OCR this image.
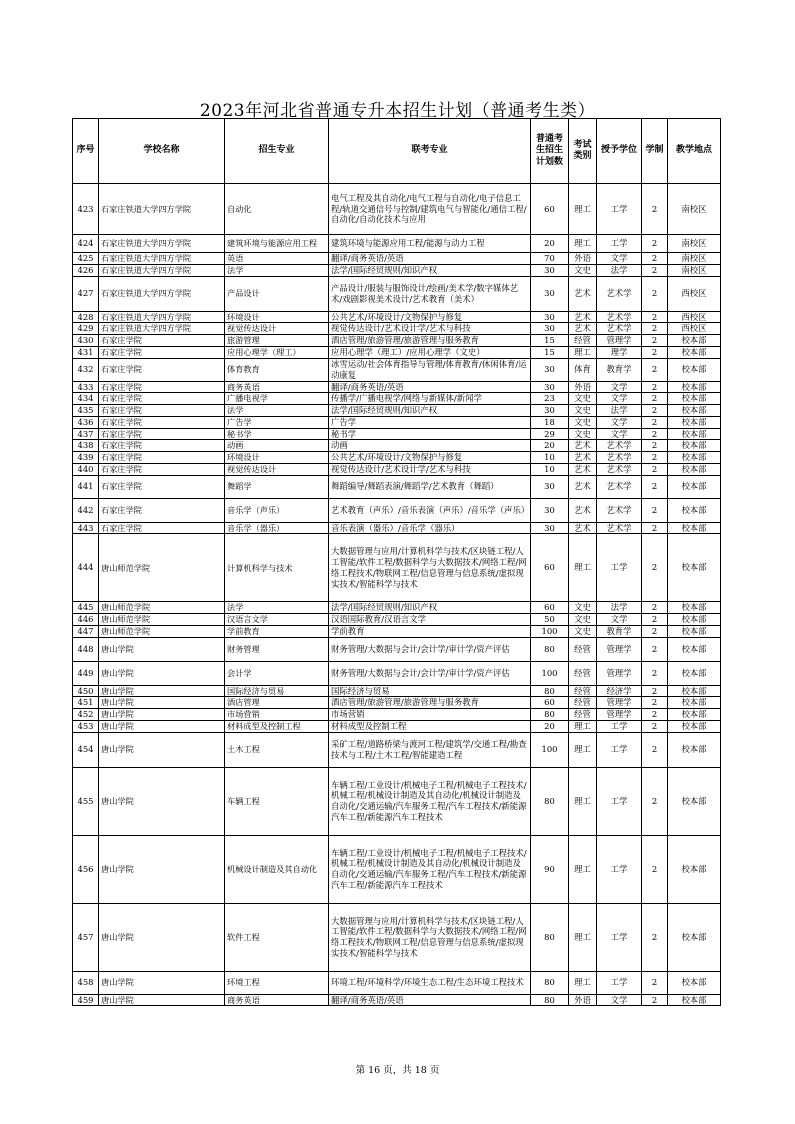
2023年河北省普通专升本招生计划（普通考生类）
序号	学校名称	招生专业	联考专业	普通考生招生计划数	考试类别	授予学位	学制	教学地点
423	石家庄铁道大学四方学院	自动化	电气工程及其自动化/电气工程与自动化/电子信息工程/轨道交通信号与控制/建筑电气与智能化/通信工程/自动化/自动化技术与应用	60	理工	工学	2	南校区
424	石家庄铁道大学四方学院	建筑环境与能源应用工程	建筑环境与能源应用工程/能源与动力工程	20	理工	工学	2	南校区
425	石家庄铁道大学四方学院	英语	翻译/商务英语/英语	70	外语	文学	2	南校区
426	石家庄铁道大学四方学院	法学	法学/国际经贸规则/知识产权	30	文史	法学	2	南校区
427	石家庄铁道大学四方学院	产品设计	产品设计/服装与服饰设计/绘画/美术学/数字媒体艺术/戏剧影视美术设计/艺术教育（美术）	30	艺术	艺术学	2	西校区
428	石家庄铁道大学四方学院	环境设计	公共艺术/环境设计/文物保护与修复	30	艺术	艺术学	2	西校区
429	石家庄铁道大学四方学院	视觉传达设计	视觉传达设计/艺术设计学/艺术与科技	30	艺术	艺术学	2	西校区
430	石家庄学院	旅游管理	酒店管理/旅游管理/旅游管理与服务教育	15	经管	管理学	2	校本部
431	石家庄学院	应用心理学（理工）	应用心理学（理工）/应用心理学（文史）	15	理工	理学	2	校本部
432	石家庄学院	体育教育	冰雪运动/社会体育指导与管理/体育教育/休闲体育/运动康复	30	体育	教育学	2	校本部
433	石家庄学院	商务英语	翻译/商务英语/英语	30	外语	文学	2	校本部
434	石家庄学院	广播电视学	传播学/广播电视学/网络与新媒体/新闻学	23	文史	文学	2	校本部
435	石家庄学院	法学	法学/国际经贸规则/知识产权	30	文史	法学	2	校本部
436	石家庄学院	广告学	广告学	18	文史	文学	2	校本部
437	石家庄学院	秘书学	秘书学	29	文史	文学	2	校本部
438	石家庄学院	动画	动画	20	艺术	艺术学	2	校本部
439	石家庄学院	环境设计	公共艺术/环境设计/文物保护与修复	10	艺术	艺术学	2	校本部
440	石家庄学院	视觉传达设计	视觉传达设计/艺术设计学/艺术与科技	10	艺术	艺术学	2	校本部
441	石家庄学院	舞蹈学	舞蹈编导/舞蹈表演/舞蹈学/艺术教育（舞蹈）	30	艺术	艺术学	2	校本部
442	石家庄学院	音乐学（声乐）	艺术教育（声乐）/音乐表演（声乐）/音乐学（声乐）	30	艺术	艺术学	2	校本部
443	石家庄学院	音乐学（器乐）	音乐表演（器乐）/音乐学（器乐）	30	艺术	艺术学	2	校本部
444	唐山师范学院	计算机科学与技术	大数据管理与应用/计算机科学与技术/区块链工程/人工智能/软件工程/数据科学与大数据技术/网络工程/网络工程技术/物联网工程/信息管理与信息系统/虚拟现实技术/智能科学与技术	60	理工	工学	2	校本部
445	唐山师范学院	法学	法学/国际经贸规则/知识产权	60	文史	法学	2	校本部
446	唐山师范学院	汉语言文学	汉语国际教育/汉语言文学	50	文史	文学	2	校本部
447	唐山师范学院	学前教育	学前教育	100	文史	教育学	2	校本部
448	唐山学院	财务管理	财务管理/大数据与会计/会计学/审计学/资产评估	80	经管	管理学	2	校本部
449	唐山学院	会计学	财务管理/大数据与会计/会计学/审计学/资产评估	100	经管	管理学	2	校本部
450	唐山学院	国际经济与贸易	国际经济与贸易	80	经管	经济学	2	校本部
451	唐山学院	酒店管理	酒店管理/旅游管理/旅游管理与服务教育	60	经管	管理学	2	校本部
452	唐山学院	市场营销	市场营销	80	经管	管理学	2	校本部
453	唐山学院	材料成型及控制工程	材料成型及控制工程	20	理工	工学	2	校本部
454	唐山学院	土木工程	采矿工程/道路桥梁与渡河工程/建筑学/交通工程/勘查技术与工程/土木工程/智能建造工程	100	理工	工学	2	校本部
455	唐山学院	车辆工程	车辆工程/工业设计/机械电子工程/机械电子工程技术/机械工程/机械设计制造及其自动化/机械设计制造及自动化/交通运输/汽车服务工程/汽车工程技术/新能源汽车工程/新能源汽车工程技术	80	理工	工学	2	校本部
456	唐山学院	机械设计制造及其自动化	车辆工程/工业设计/机械电子工程/机械电子工程技术/机械工程/机械设计制造及其自动化/机械设计制造及自动化/交通运输/汽车服务工程/汽车工程技术/新能源汽车工程/新能源汽车工程技术	90	理工	工学	2	校本部
457	唐山学院	软件工程	大数据管理与应用/计算机科学与技术/区块链工程/人工智能/软件工程/数据科学与大数据技术/网络工程/网络工程技术/物联网工程/信息管理与信息系统/虚拟现实技术/智能科学与技术	80	理工	工学	2	校本部
458	唐山学院	环境工程	环境工程/环境科学/环境生态工程/生态环境工程技术	80	理工	工学	2	校本部
459	唐山学院	商务英语	翻译/商务英语/英语	80	外语	文学	2	校本部
第 16 页，共 18 页
